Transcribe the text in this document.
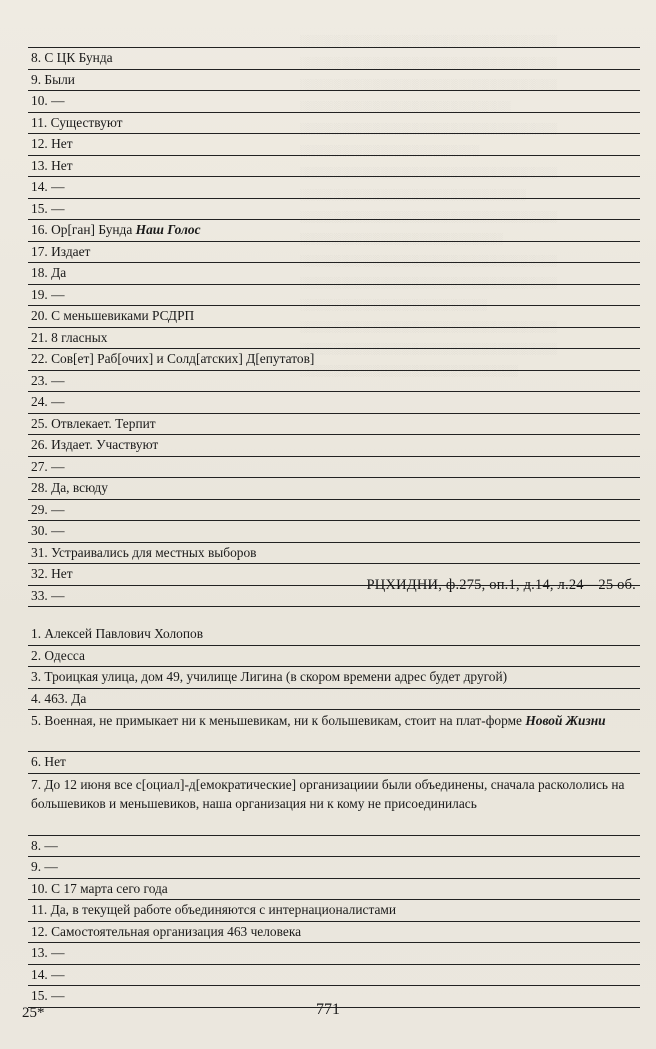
░░░░░░░░░░░░░░░░░░░░░░░░░░░░░░░░░
░░░░░░░░░░░░░░░░░░░░░░░░░░░░░░░░░
░░░░░░░░░░░░░░░░░░░░░░░░░░░░░░░░░
░░░░░░░░░░░░░░░░░░░░░░░░░░░
░░░░░░░░░░░░░░░░░░░░░░░░░░░░░░░░░
░░░░░░░░░░░░░░░░░░░░░░░
░░░░░░░░░░░░░░░░░░░░░░░░░░░░░░░░░
░░░░░░░░░░░░░░░░░░░░░░░░░░░░░
░░░░░░░░░░░░░░░░░░░░░░░░░░░░░░░░░
░░░░░░░░░░░░░░░░░░░░░░░░░░
░░░░░░░░░░░░░░░░░░░░░░░░░░░░░░░░░
░░░░░░░░░░░░░░░░░░░░░░░░░░░░░░░░░
░░░░░░░░░░░░░░░░░░░░░░░░
░░░░░░░░░░░░░░░░░░░░░░░░░░░░░░░░░
░░░░░░░░░░░░░░░░░░░░░░░░░░░░░░░░░
░░░░░░░░░░░░░░░░░░░░░░░░░░░░

8. С ЦК Бунда
9. Были
10. —
11. Существуют
12. Нет
13. Нет
14. —
15. —
16. Ор[ган] Бунда Наш Голос
17. Издает
18. Да
19. —
20. С меньшевиками РСДРП
21. 8 гласных
22. Сов[ет] Раб[очих] и Солд[атских] Д[епутатов]
23. —
24. —
25. Отвлекает. Терпит
26. Издает. Участвуют
27. —
28. Да, всюду
29. —
30. —
31. Устраивались для местных выборов
32. Нет
33. —
РЦХИДНИ, ф.275, оп.1, д.14, л.24—25 об.
1. Алексей Павлович Холопов
2. Одесса
3. Троицкая улица, дом 49, училище Лигина (в скором времени адрес будет другой)
4. 463. Да
5. Военная, не примыкает ни к меньшевикам, ни к большевикам, стоит на плат-форме Новой Жизни
6. Нет
7. До 12 июня все с[оциал]-д[емократические] организациии были объединены, сначала раскололись на большевиков и меньшевиков, наша организация ни к кому не присоединилась
8. —
9. —
10. С 17 марта сего года
11. Да, в текущей работе объединяются с интернационалистами
12. Самостоятельная организация 463 человека
13. —
14. —
15. —
25*	771
